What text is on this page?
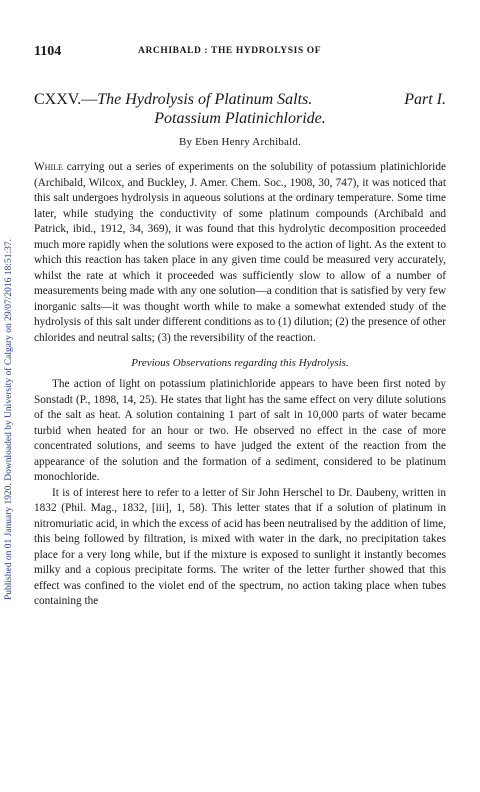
Published on 01 January 1920. Downloaded by University of Calgary on 29/07/2016 18:51:37.
1104	ARCHIBALD : THE HYDROLYSIS OF
CXXV.—The Hydrolysis of Platinum Salts.	Part I.
Potassium Platinichloride.
By Eben Henry Archibald.

While carrying out a series of experiments on the solubility of potassium platinichloride (Archibald, Wilcox, and Buckley, J. Amer. Chem. Soc., 1908, 30, 747), it was noticed that this salt undergoes hydrolysis in aqueous solutions at the ordinary temperature. Some time later, while studying the conductivity of some platinum compounds (Archibald and Patrick, ibid., 1912, 34, 369), it was found that this hydrolytic decomposition proceeded much more rapidly when the solutions were exposed to the action of light. As the extent to which this reaction has taken place in any given time could be measured very accurately, whilst the rate at which it proceeded was sufficiently slow to allow of a number of measurements being made with any one solution—a condition that is satisfied by very few inorganic salts—it was thought worth while to make a somewhat extended study of the hydrolysis of this salt under different conditions as to (1) dilution; (2) the presence of other chlorides and neutral salts; (3) the reversibility of the reaction.

Previous Observations regarding this Hydrolysis.

The action of light on potassium platinichloride appears to have been first noted by Sonstadt (P., 1898, 14, 25). He states that light has the same effect on very dilute solutions of the salt as heat. A solution containing 1 part of salt in 10,000 parts of water became turbid when heated for an hour or two. He observed no effect in the case of more concentrated solutions, and seems to have judged the extent of the reaction from the appearance of the solution and the formation of a sediment, considered to be platinum monochloride.

It is of interest here to refer to a letter of Sir John Herschel to Dr. Daubeny, written in 1832 (Phil. Mag., 1832, [iii], 1, 58). This letter states that if a solution of platinum in nitromuriatic acid, in which the excess of acid has been neutralised by the addition of lime, this being followed by filtration, is mixed with water in the dark, no precipitation takes place for a very long while, but if the mixture is exposed to sunlight it instantly becomes milky and a copious precipitate forms. The writer of the letter further showed that this effect was confined to the violet end of the spectrum, no action taking place when tubes containing the
